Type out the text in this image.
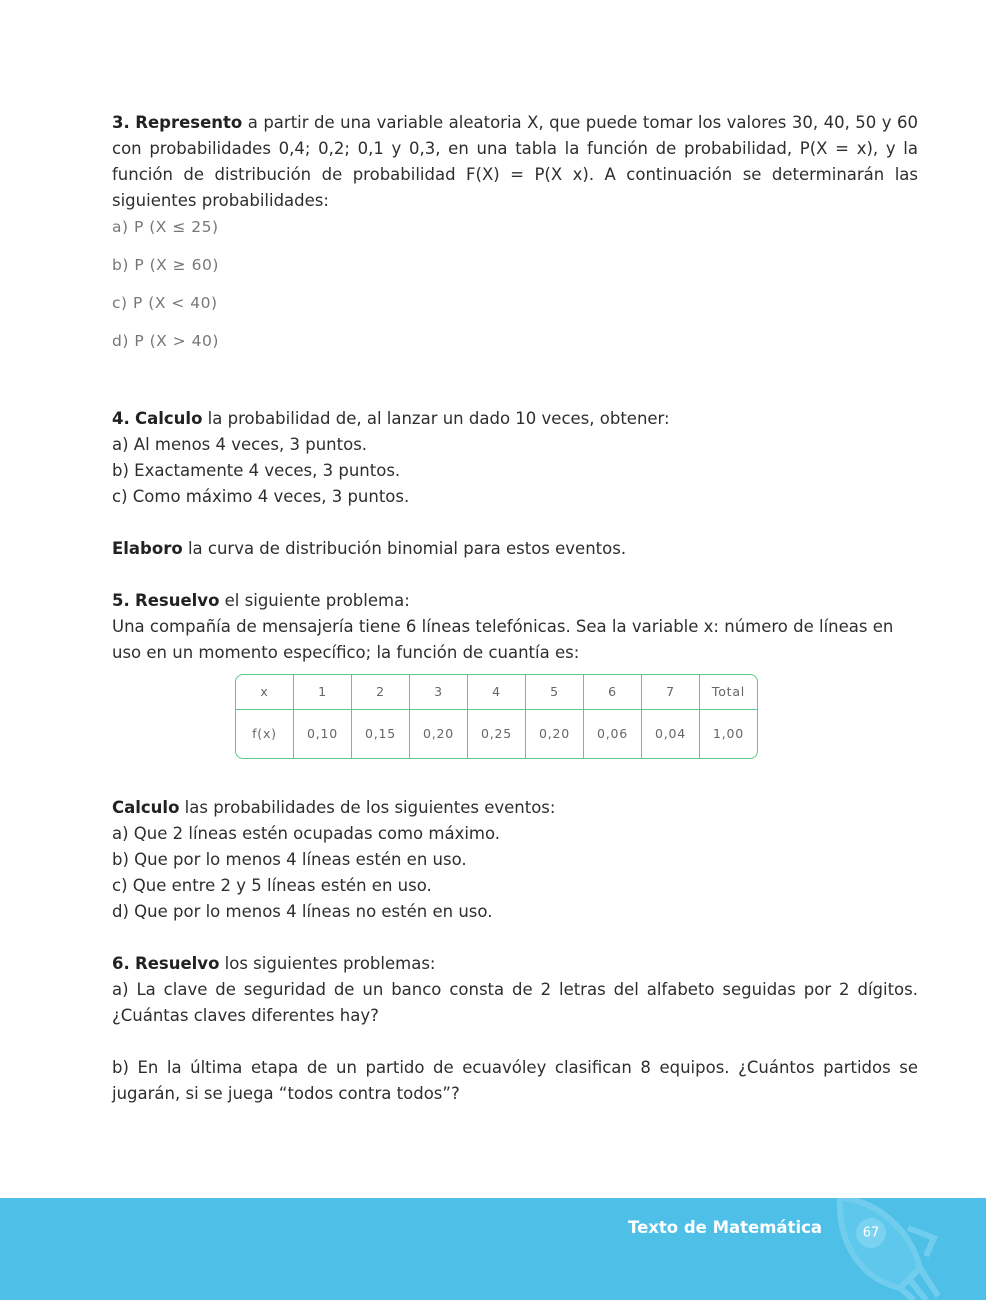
3. Represento a partir de una variable aleatoria X, que puede tomar los valores 30, 40, 50 y 60 con probabilidades 0,4; 0,2; 0,1 y 0,3, en una tabla la función de probabilidad, P(X = x), y la función de distribución de probabilidad F(X) = P(X x). A continuación se determinarán las siguientes probabilidades:

a) P (X ≤ 25)

b) P (X ≥ 60)

c) P (X < 40)

d) P (X > 40)

4. Calculo la probabilidad de, al lanzar un dado 10 veces, obtener:

a) Al menos 4 veces, 3 puntos.

b) Exactamente 4 veces, 3 puntos.

c) Como máximo 4 veces, 3 puntos.

Elaboro la curva de distribución binomial para estos eventos.

5. Resuelvo el siguiente problema:

Una compañía de mensajería tiene 6 líneas telefónicas. Sea la variable x: número de líneas en uso en un momento específico; la función de cuantía es:

x	1	2	3	4	5	6	7	Total
f(x)	0,10	0,15	0,20	0,25	0,20	0,06	0,04	1,00

Calculo las probabilidades de los siguientes eventos:

a) Que 2 líneas estén ocupadas como máximo.

b) Que por lo menos 4 líneas estén en uso.

c) Que entre 2 y 5 líneas estén en uso.

d) Que por lo menos 4 líneas no estén en uso.

6. Resuelvo los siguientes problemas:

a) La clave de seguridad de un banco consta de 2 letras del alfabeto seguidas por 2 dígitos. ¿Cuántas claves diferentes hay?

b) En la última etapa de un partido de ecuavóley clasifican 8 equipos. ¿Cuántos partidos se jugarán, si se juega “todos contra todos”?

Texto de Matemática	67
